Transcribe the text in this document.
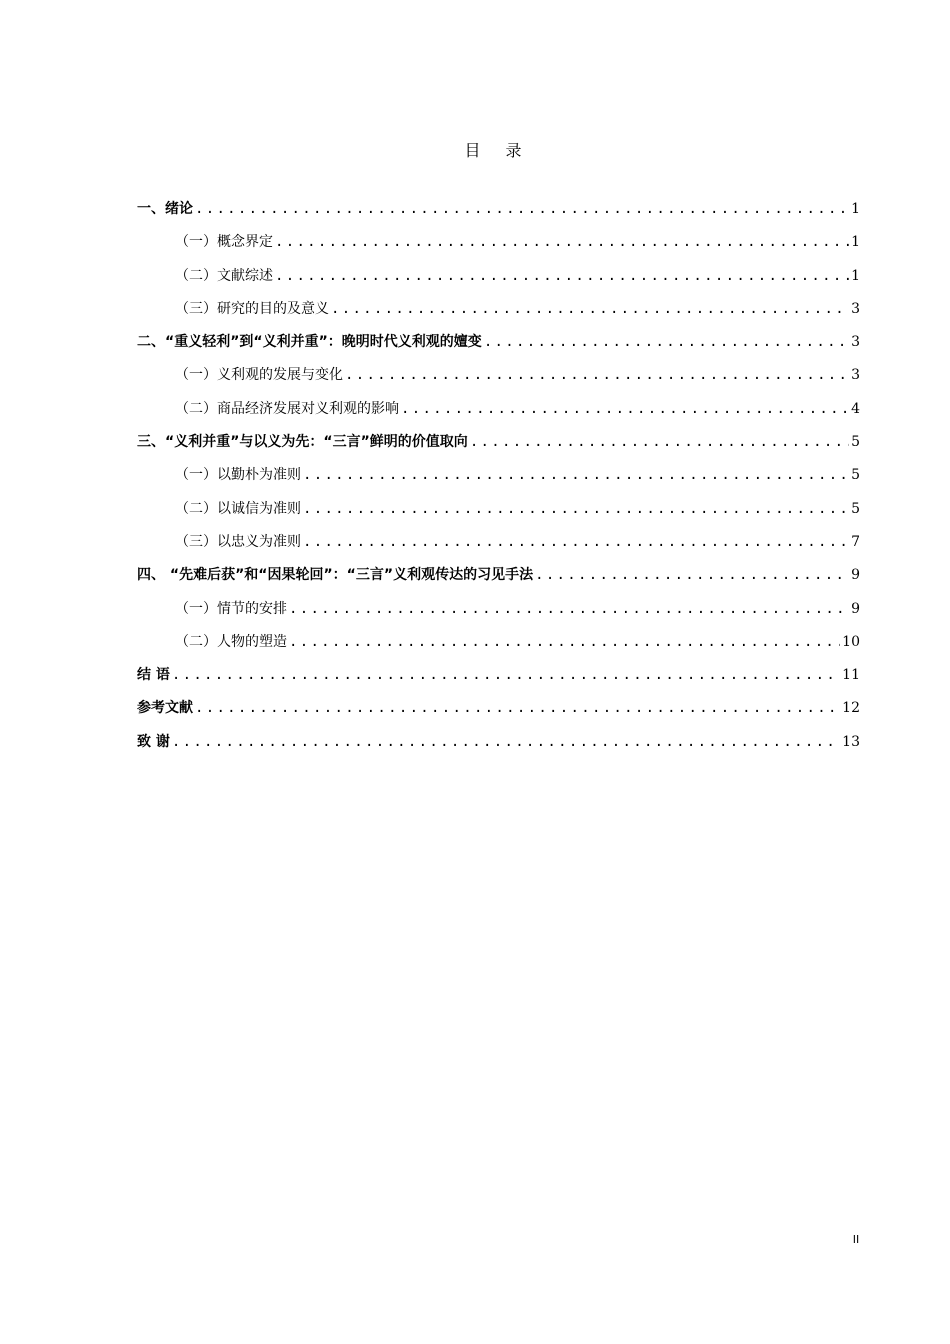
目 录
一、绪论 .....	1
（一）概念界定 .....	1
（二）文献综述 .....	1
（三）研究的目的及意义 .....	3
二、“重义轻利”到“义利并重”：晚明时代义利观的嬗变 .....	3
（一）义利观的发展与变化 .....	3
（二）商品经济发展对义利观的影响 .....	4
三、“义利并重”与以义为先：“三言”鲜明的价值取向 .....	5
（一）以勤朴为准则 .....	5
（二）以诚信为准则 .....	5
（三）以忠义为准则 .....	7
四、 “先难后获”和“因果轮回”：“三言”义利观传达的习见手法 .....	9
（一）情节的安排 .....	9
（二）人物的塑造 .....	10
结 语 .....	11
参考文献 .....	12
致 谢 .....	13
II
